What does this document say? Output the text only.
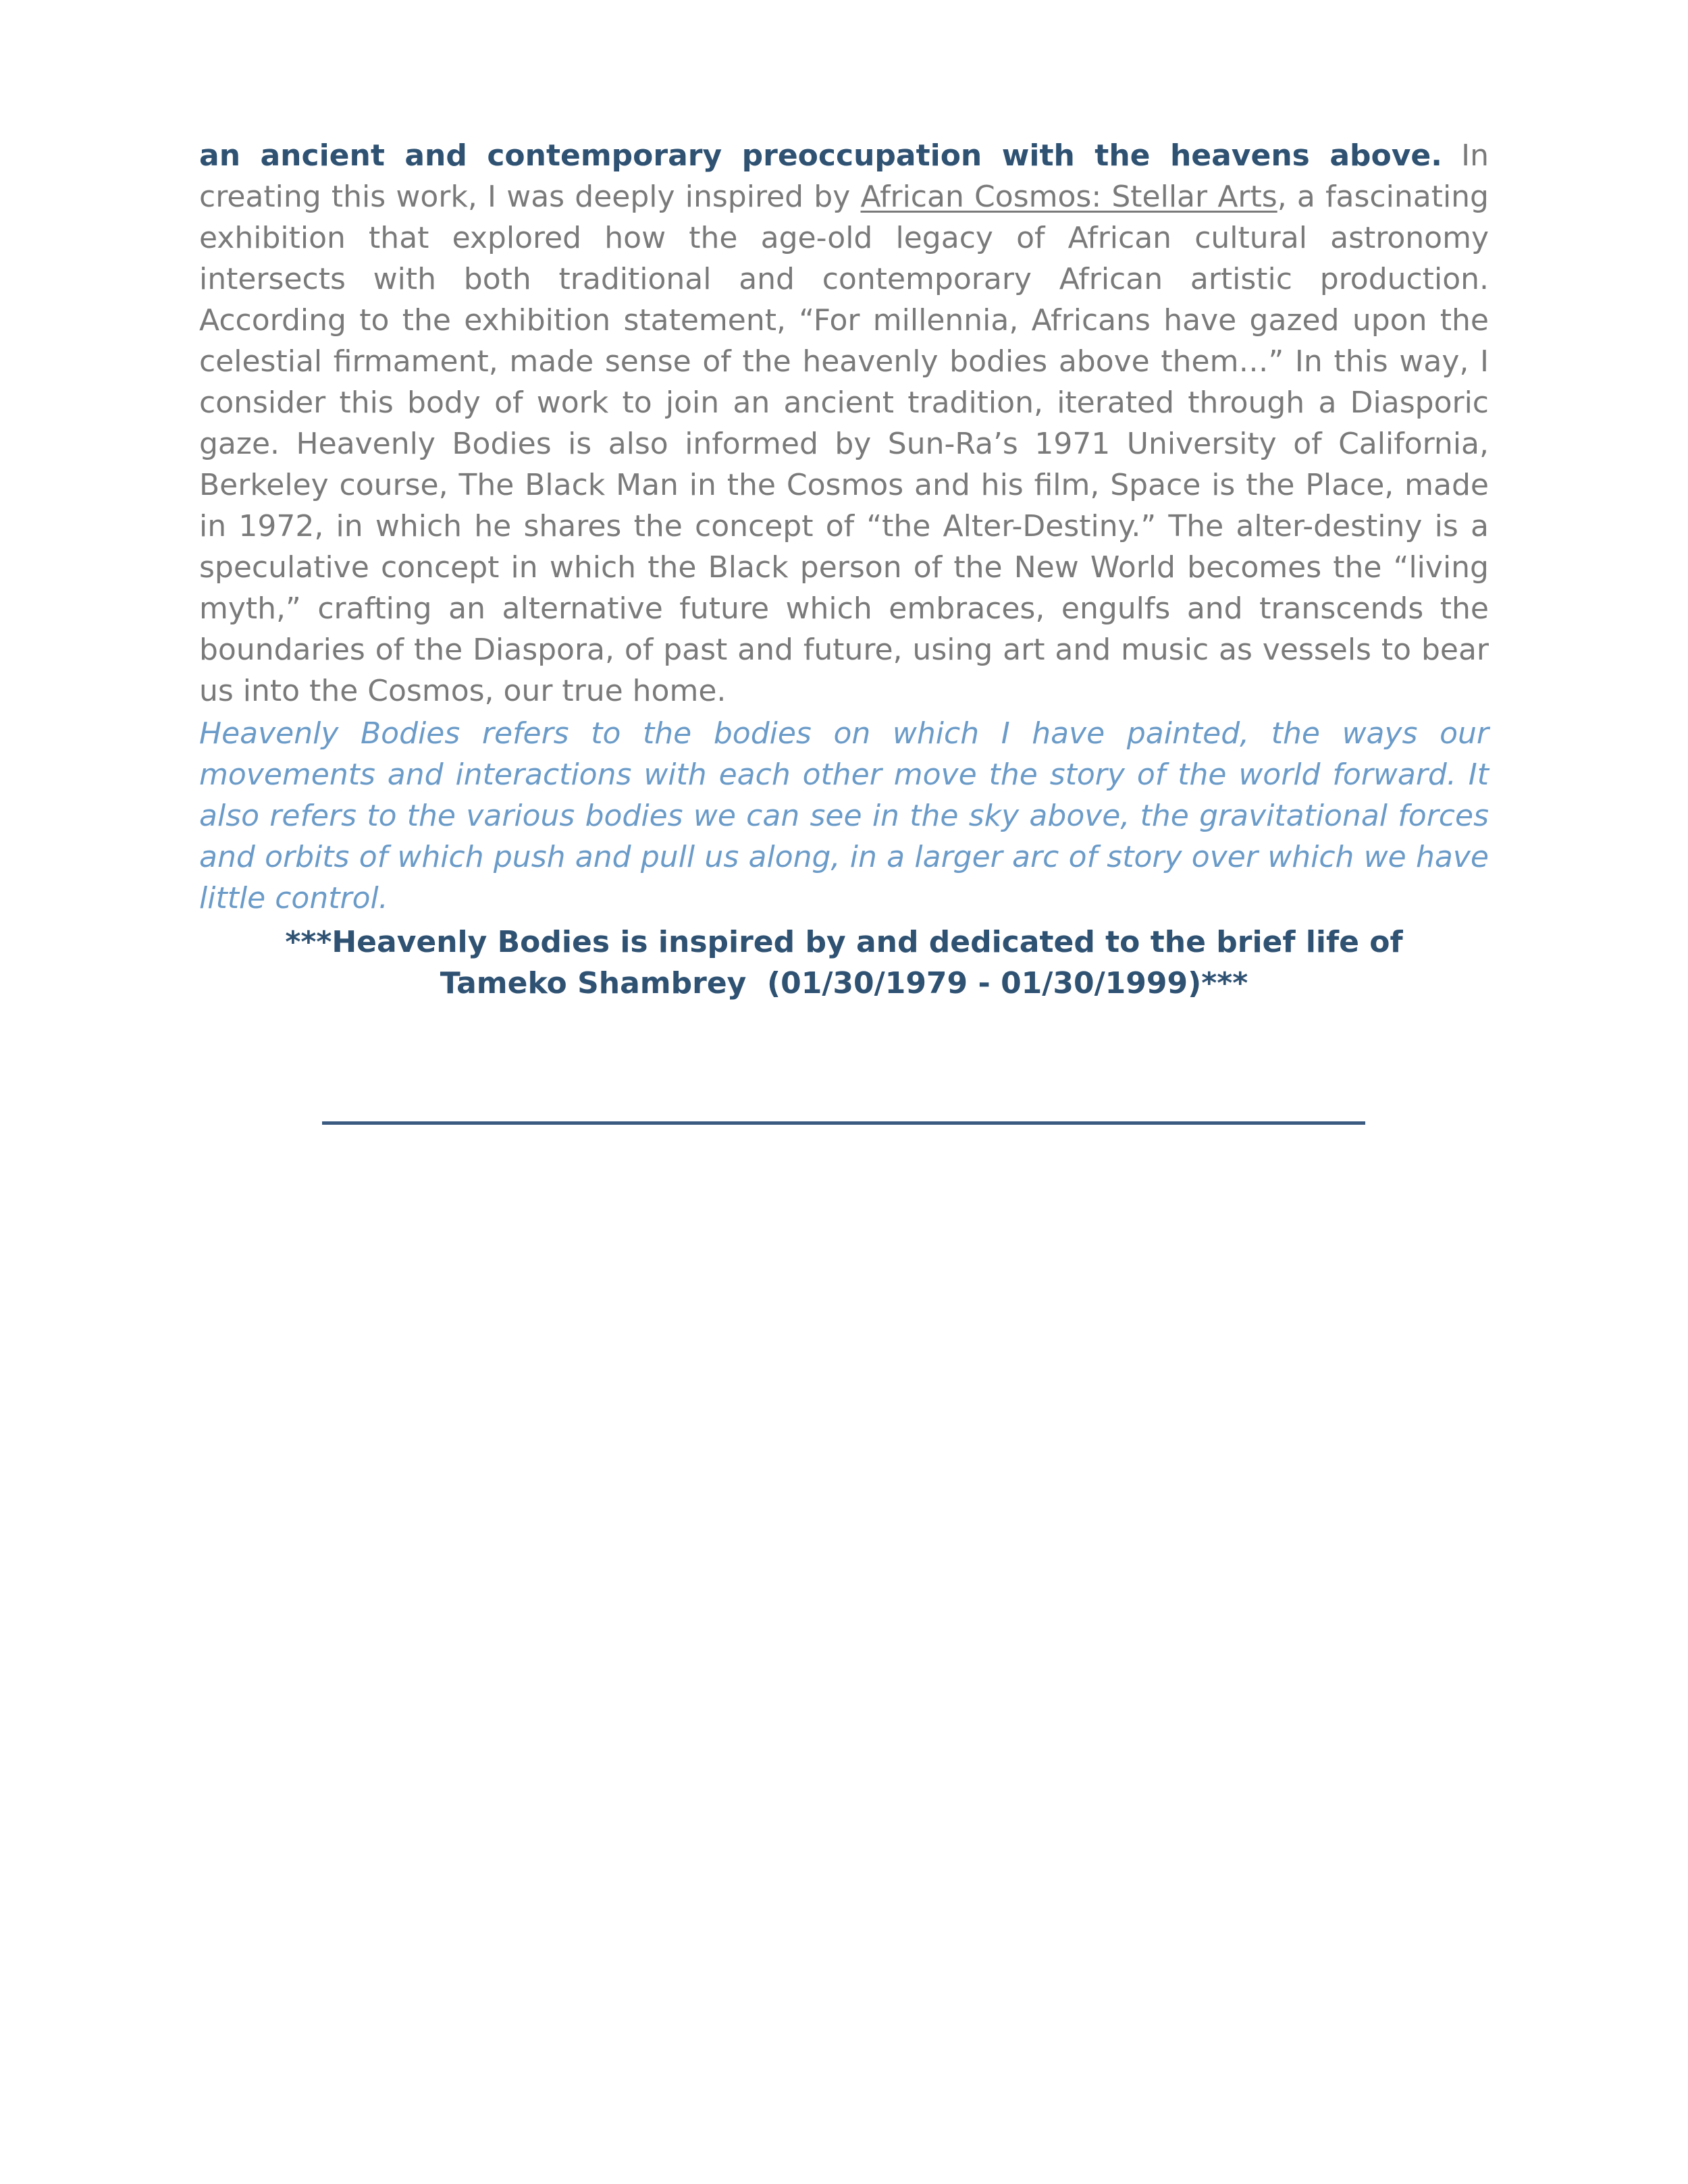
an ancient and contemporary preoccupation with the heavens above. In creating this work, I was deeply inspired by African Cosmos: Stellar Arts, a fascinating exhibition that explored how the age-old legacy of African cultural astronomy intersects with both traditional and contemporary African artistic production. According to the exhibition statement, “For millennia, Africans have gazed upon the celestial firmament, made sense of the heavenly bodies above them…” In this way, I consider this body of work to join an ancient tradition, iterated through a Diasporic gaze. Heavenly Bodies is also informed by Sun-Ra’s 1971 University of California, Berkeley course, The Black Man in the Cosmos and his film, Space is the Place, made in 1972, in which he shares the concept of “the Alter-Destiny.” The alter-destiny is a speculative concept in which the Black person of the New World becomes the “living myth,” crafting an alternative future which embraces, engulfs and transcends the boundaries of the Diaspora, of past and future, using art and music as vessels to bear us into the Cosmos, our true home.

Heavenly Bodies refers to the bodies on which I have painted, the ways our movements and interactions with each other move the story of the world forward. It also refers to the various bodies we can see in the sky above, the gravitational forces and orbits of which push and pull us along, in a larger arc of story over which we have little control.

***Heavenly Bodies is inspired by and dedicated to the brief life of
Tameko Shambrey  (01/30/1979 - 01/30/1999)***
